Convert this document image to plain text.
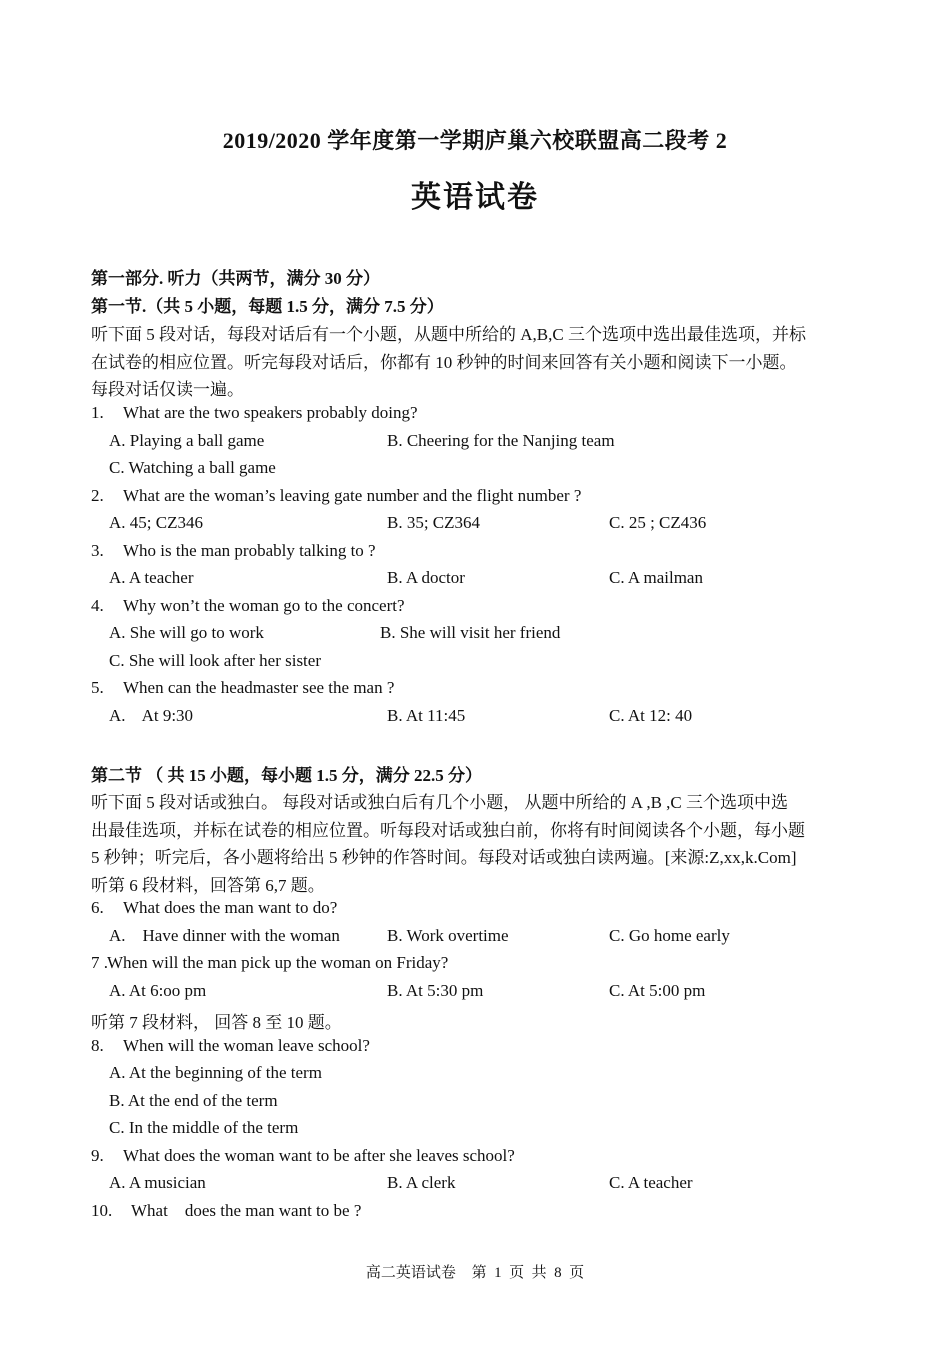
2019/2020 学年度第一学期庐巢六校联盟高二段考 2
英语试卷
第一部分. 听力（共两节，满分 30 分）
第一节.（共 5 小题，每题 1.5 分，满分 7.5 分）
听下面 5 段对话，每段对话后有一个小题，从题中所给的 A,B,C 三个选项中选出最佳选项，并标
在试卷的相应位置。听完每段对话后，你都有 10 秒钟的时间来回答有关小题和阅读下一小题。
每段对话仅读一遍。
1. What are the two speakers probably doing?
A. Playing a ball game	B. Cheering for the Nanjing team
C. Watching a ball game
2. What are the woman’s leaving gate number and the flight number ?
A. 45; CZ346	B. 35; CZ364	C. 25 ; CZ436
3. Who is the man probably talking to ?
A. A teacher	B. A doctor	C. A mailman
4. Why won’t the woman go to the concert?
A. She will go to work	B. She will visit her friend
C. She will look after her sister
5. When can the headmaster see the man ?
A.    At 9:30	B. At 11:45	C. At 12: 40
第二节 （ 共 15 小题，每小题 1.5 分，满分 22.5 分）
听下面 5 段对话或独白。 每段对话或独白后有几个小题， 从题中所给的 A ,B ,C 三个选项中选
出最佳选项，并标在试卷的相应位置。听每段对话或独白前，你将有时间阅读各个小题，每小题
5 秒钟；听完后，各小题将给出 5 秒钟的作答时间。每段对话或独白读两遍。[来源:Z,xx,k.Com]
听第 6 段材料，回答第 6,7 题。
6. What does the man want to do?
A.    Have dinner with the woman	B. Work overtime	C. Go home early
7 . When will the man pick up the woman on Friday?
A. At 6:oo pm	B. At 5:30 pm	C. At 5:00 pm
听第 7 段材料， 回答 8 至 10 题。
8. When will the woman leave school?
A. At the beginning of the term
B. At the end of the term
C. In the middle of the term
9. What does the woman want to be after she leaves school?
A. A musician	B. A clerk	C. A teacher
10. What    does the man want to be ?
高二英语试卷 第  1  页  共  8  页
